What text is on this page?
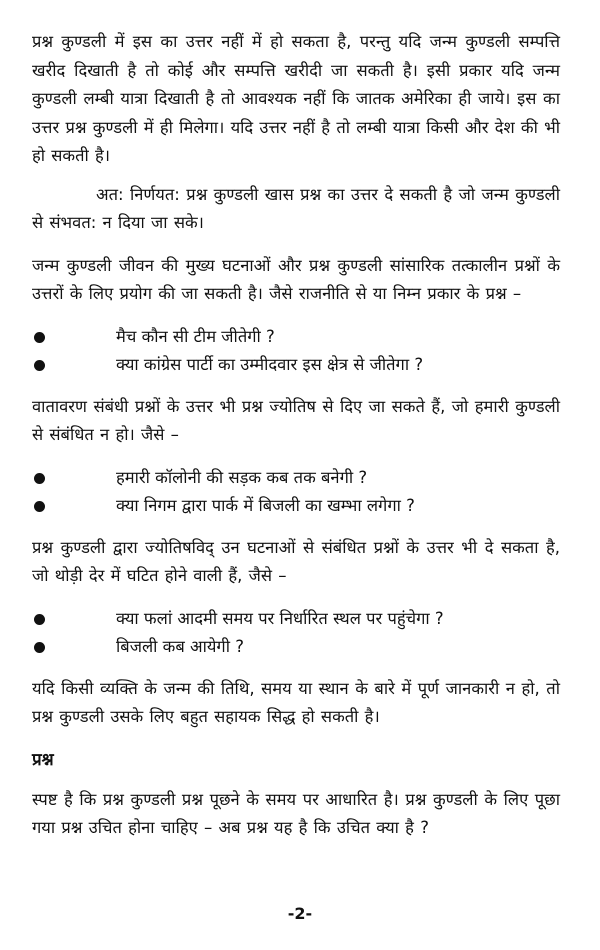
प्रश्न कुण्डली में इस का उत्तर नहीं में हो सकता है, परन्तु यदि जन्म कुण्डली सम्पत्ति खरीद दिखाती है तो कोई और सम्पत्ति खरीदी जा सकती है। इसी प्रकार यदि जन्म कुण्डली लम्बी यात्रा दिखाती है तो आवश्यक नहीं कि जातक अमेरिका ही जाये। इस का उत्तर प्रश्न कुण्डली में ही मिलेगा। यदि उत्तर नहीं है तो लम्बी यात्रा किसी और देश की भी हो सकती है।

अत: निर्णयत: प्रश्न कुण्डली खास प्रश्न का उत्तर दे सकती है जो जन्म कुण्डली से संभवत: न दिया जा सके।

जन्म कुण्डली जीवन की मुख्य घटनाओं और प्रश्न कुण्डली सांसारिक तत्कालीन प्रश्नों के उत्तरों के लिए प्रयोग की जा सकती है। जैसे राजनीति से या निम्न प्रकार के प्रश्न –

मैच कौन सी टीम जीतेगी ?
क्या कांग्रेस पार्टी का उम्मीदवार इस क्षेत्र से जीतेगा ?

वातावरण संबंधी प्रश्नों के उत्तर भी प्रश्न ज्योतिष से दिए जा सकते हैं, जो हमारी कुण्डली से संबंधित न हो। जैसे –

हमारी कॉलोनी की सड़क कब तक बनेगी ?
क्या निगम द्वारा पार्क में बिजली का खम्भा लगेगा ?

प्रश्न कुण्डली द्वारा ज्योतिषविद् उन घटनाओं से संबंधित प्रश्नों के उत्तर भी दे सकता है, जो थोड़ी देर में घटित होने वाली हैं, जैसे –

क्या फलां आदमी समय पर निर्धारित स्थल पर पहुंचेगा ?
बिजली कब आयेगी ?

यदि किसी व्यक्ति के जन्म की तिथि, समय या स्थान के बारे में पूर्ण जानकारी न हो, तो प्रश्न कुण्डली उसके लिए बहुत सहायक सिद्ध हो सकती है।

प्रश्न

स्पष्ट है कि प्रश्न कुण्डली प्रश्न पूछने के समय पर आधारित है। प्रश्न कुण्डली के लिए पूछा गया प्रश्न उचित होना चाहिए – अब प्रश्न यह है कि उचित क्या है ?

-2-
